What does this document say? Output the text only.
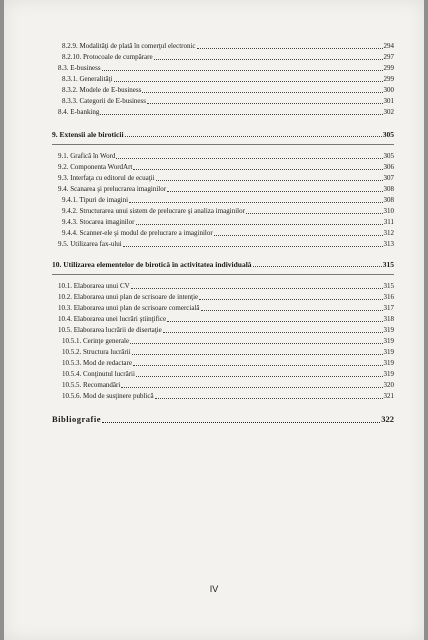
8.2.9. Modalităţi de plată în comerţul electronic	294
8.2.10. Protocoale de cumpărare	297
8.3. E-business	299
8.3.1. Generalităţi	299
8.3.2. Modele de E-business	300
8.3.3. Categorii de E-business	301
8.4. E-banking	302
9. Extensii ale biroticii	305
9.1. Grafică în Word	305
9.2. Componenta WordArt	306
9.3. Interfaţa cu editorul de ecuaţii	307
9.4. Scanarea şi prelucrarea imaginilor	308
9.4.1. Tipuri de imagini	308
9.4.2. Structurarea unui sistem de prelucrare şi analiza imaginilor	310
9.4.3. Stocarea imaginilor	311
9.4.4. Scanner-ele şi modul de prelucrare a imaginilor	312
9.5. Utilizarea fax-ului	313
10. Utilizarea elementelor de birotică în activitatea individuală	315
10.1. Elaborarea unui CV	315
10.2. Elaborarea unui plan de scrisoare de intenţie	316
10.3. Elaborarea unui plan de scrisoare comercială	317
10.4. Elaborarea unei lucrări ştiinţifice	318
10.5. Elaborarea lucrării de disertaţie	319
10.5.1. Cerinţe generale	319
10.5.2. Structura lucrării	319
10.5.3. Mod de redactare	319
10.5.4. Conţinutul lucrării	319
10.5.5. Recomandări	320
10.5.6. Mod de susţinere publică	321
Bibliografie	322
IV
